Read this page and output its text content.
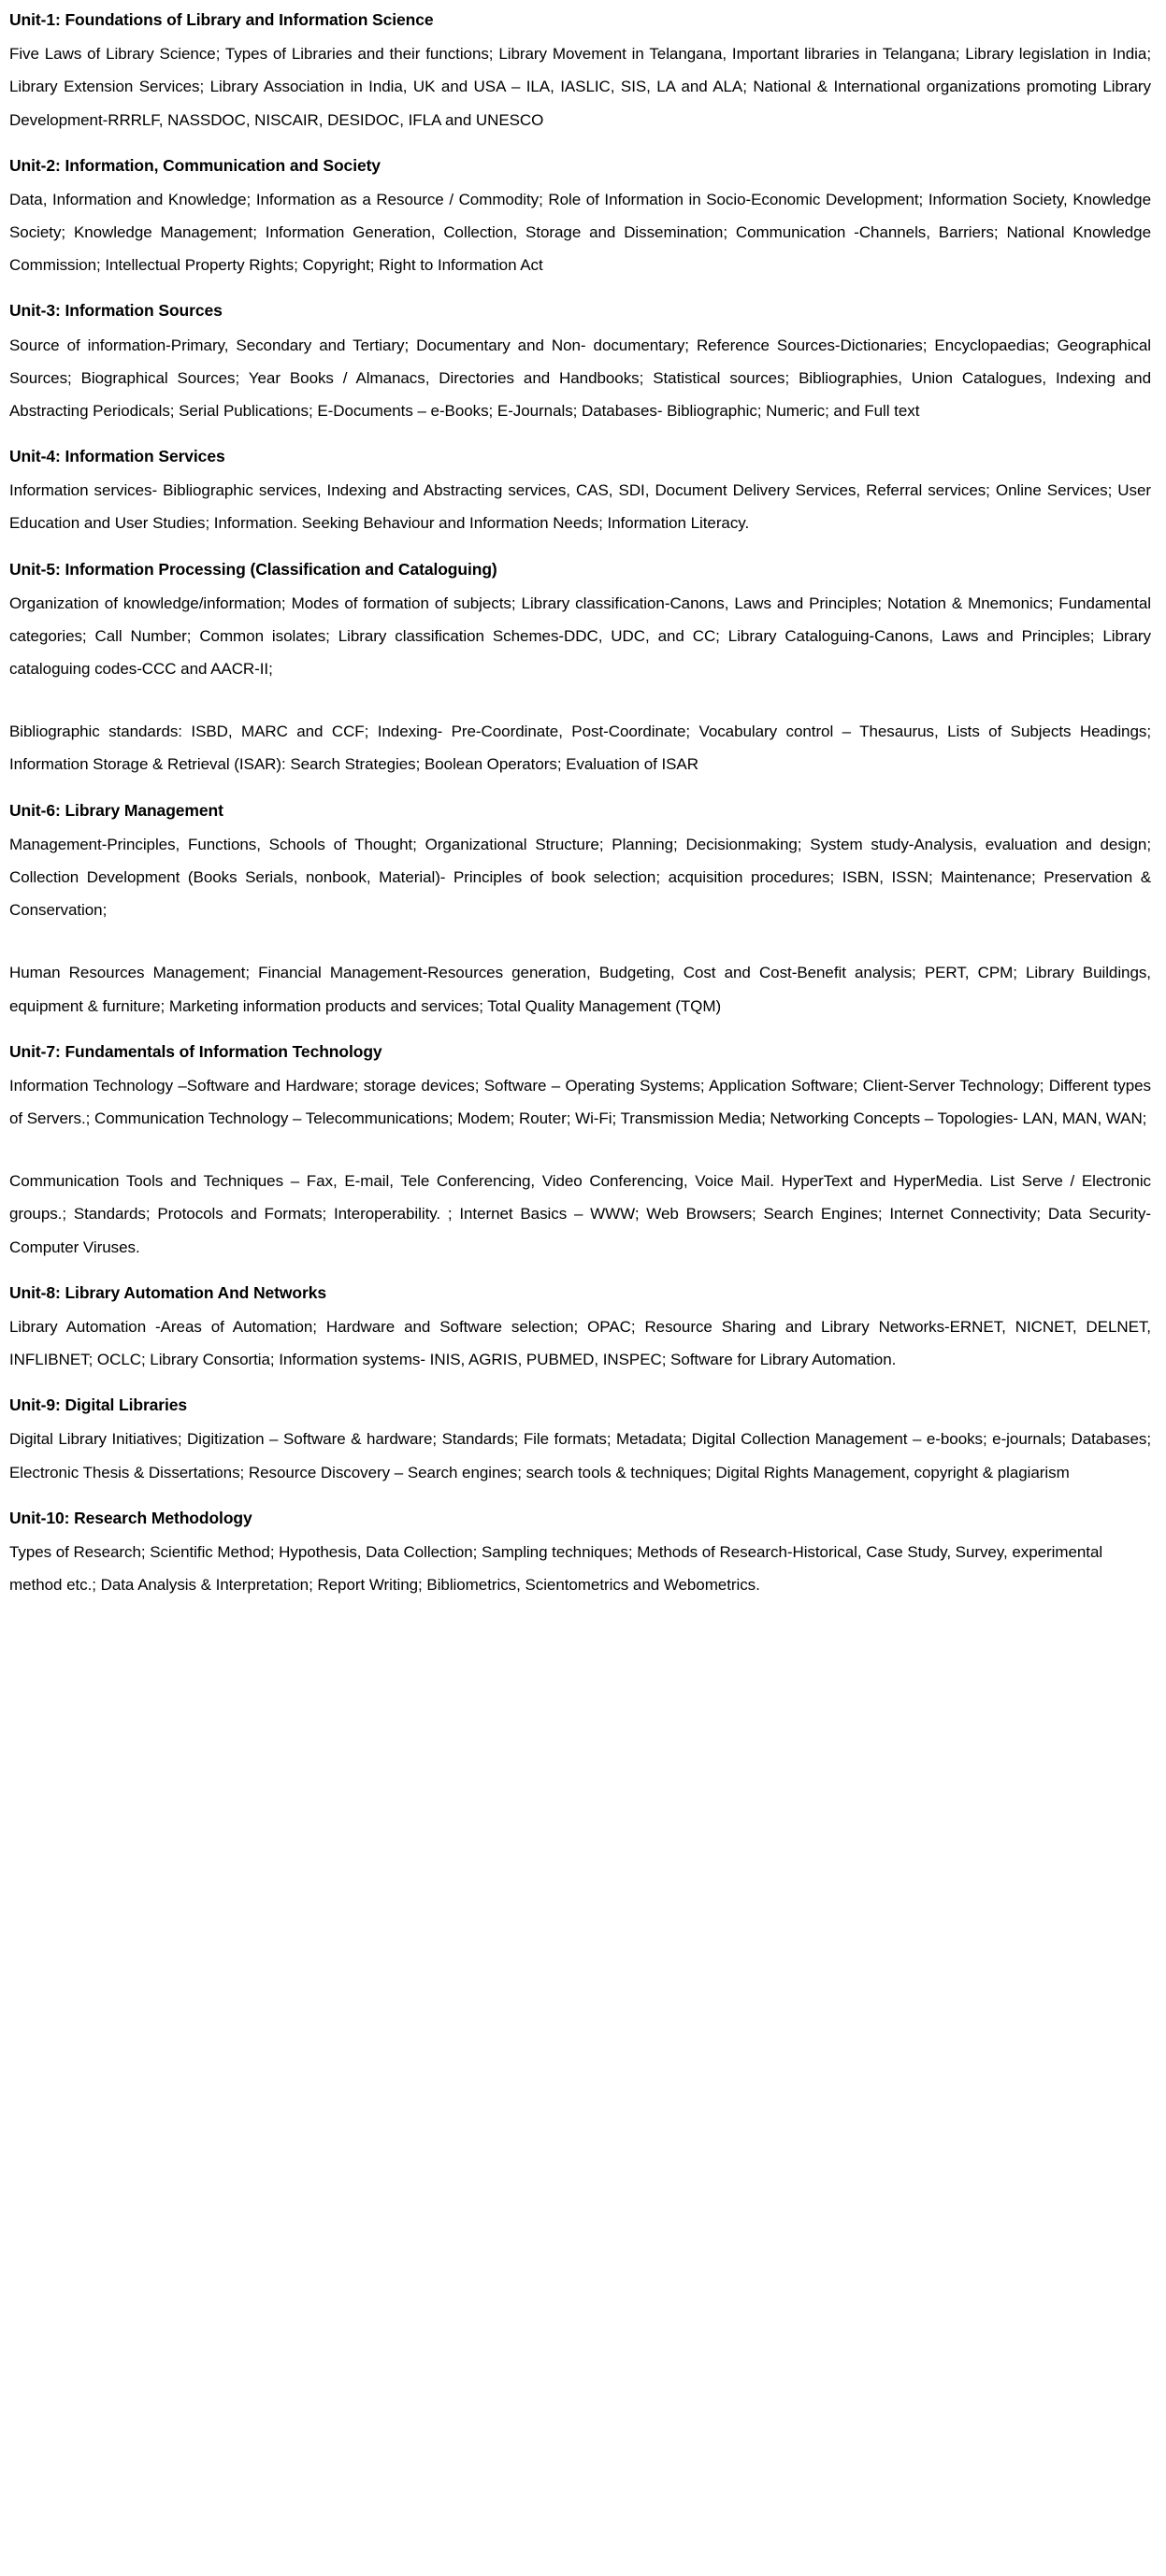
Unit-1: Foundations of Library and Information Science

Five Laws of Library Science; Types of Libraries and their functions; Library Movement in Telangana, Important libraries in Telangana; Library legislation in India; Library Extension Services; Library Association in India, UK and USA – ILA, IASLIC, SIS, LA and ALA; National & International organizations promoting Library Development-RRRLF, NASSDOC, NISCAIR, DESIDOC, IFLA and UNESCO

Unit-2: Information, Communication and Society

Data, Information and Knowledge; Information as a Resource / Commodity; Role of Information in Socio-Economic Development; Information Society, Knowledge Society; Knowledge Management; Information Generation, Collection, Storage and Dissemination; Communication -Channels, Barriers; National Knowledge Commission; Intellectual Property Rights; Copyright; Right to Information Act

Unit-3: Information Sources

Source of information-Primary, Secondary and Tertiary; Documentary and Non- documentary; Reference Sources-Dictionaries; Encyclopaedias; Geographical Sources; Biographical Sources; Year Books / Almanacs, Directories and Handbooks; Statistical sources; Bibliographies, Union Catalogues, Indexing and Abstracting Periodicals; Serial Publications; E-Documents – e-Books; E-Journals; Databases- Bibliographic; Numeric; and Full text

Unit-4: Information Services

Information services- Bibliographic services, Indexing and Abstracting services, CAS, SDI, Document Delivery Services, Referral services; Online Services; User Education and User Studies; Information. Seeking Behaviour and Information Needs; Information Literacy.

Unit-5: Information Processing (Classification and Cataloguing)

Organization of knowledge/information; Modes of formation of subjects; Library classification-Canons, Laws and Principles; Notation & Mnemonics; Fundamental categories; Call Number; Common isolates; Library classification Schemes-DDC, UDC, and CC; Library Cataloguing-Canons, Laws and Principles; Library cataloguing codes-CCC and AACR-II;

Bibliographic standards: ISBD, MARC and CCF; Indexing- Pre-Coordinate, Post-Coordinate; Vocabulary control – Thesaurus, Lists of Subjects Headings; Information Storage & Retrieval (ISAR): Search Strategies; Boolean Operators; Evaluation of ISAR

Unit-6: Library Management

Management-Principles, Functions, Schools of Thought; Organizational Structure; Planning; Decisionmaking; System study-Analysis, evaluation and design; Collection Development (Books Serials, nonbook, Material)- Principles of book selection; acquisition procedures; ISBN, ISSN; Maintenance; Preservation & Conservation;

Human Resources Management; Financial Management-Resources generation, Budgeting, Cost and Cost-Benefit analysis; PERT, CPM; Library Buildings, equipment & furniture; Marketing information products and services; Total Quality Management (TQM)

Unit-7: Fundamentals of Information Technology

Information Technology –Software and Hardware; storage devices; Software – Operating Systems; Application Software; Client-Server Technology; Different types of Servers.; Communication Technology – Telecommunications; Modem; Router; Wi-Fi; Transmission Media; Networking Concepts – Topologies- LAN, MAN, WAN;

Communication Tools and Techniques – Fax, E-mail, Tele Conferencing, Video Conferencing, Voice Mail. HyperText and HyperMedia. List Serve / Electronic groups.; Standards; Protocols and Formats; Interoperability. ; Internet Basics – WWW; Web Browsers; Search Engines; Internet Connectivity; Data Security- Computer Viruses.

Unit-8: Library Automation And Networks

Library Automation -Areas of Automation; Hardware and Software selection; OPAC; Resource Sharing and Library Networks-ERNET, NICNET, DELNET, INFLIBNET; OCLC; Library Consortia; Information systems- INIS, AGRIS, PUBMED, INSPEC; Software for Library Automation.

Unit-9: Digital Libraries

Digital Library Initiatives; Digitization – Software & hardware; Standards; File formats; Metadata; Digital Collection Management – e-books; e-journals; Databases; Electronic Thesis & Dissertations; Resource Discovery – Search engines; search tools & techniques; Digital Rights Management, copyright & plagiarism

Unit-10: Research Methodology

Types of Research; Scientific Method; Hypothesis, Data Collection; Sampling techniques; Methods of Research-Historical, Case Study, Survey, experimental method etc.; Data Analysis & Interpretation; Report Writing; Bibliometrics, Scientometrics and Webometrics.
